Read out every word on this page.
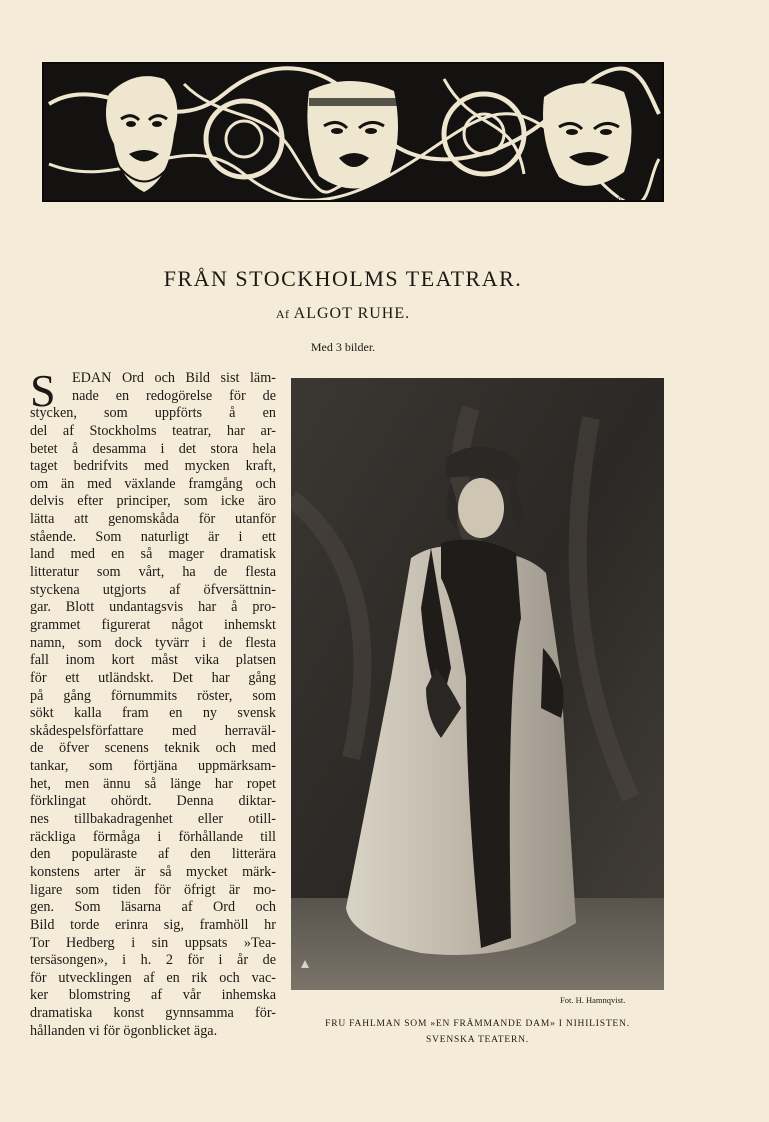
G M-05
FRÅN STOCKHOLMS TEATRAR.
Af ALGOT RUHE.
Med 3 bilder.
S	EDAN Ord och Bild sist läm-
nade en redogörelse för de
stycken, som uppförts å en
del af Stockholms teatrar, har ar-
betet å desamma i det stora hela
taget bedrifvits med mycken kraft,
om än med växlande framgång och
delvis efter principer, som icke äro
lätta att genomskåda för utanför
stående. Som naturligt är i ett
land med en så mager dramatisk
litteratur som vårt, ha de flesta
styckena utgjorts af öfversättnin-
gar. Blott undantagsvis har å pro-
grammet figurerat något inhemskt
namn, som dock tyvärr i de flesta
fall inom kort måst vika platsen
för ett utländskt. Det har gång
på gång förnummits röster, som
sökt kalla fram en ny svensk
skådespelsförfattare med herraväl-
de öfver scenens teknik och med
tankar, som förtjäna uppmärksam-
het, men ännu så länge har ropet
förklingat ohördt. Denna diktar-
nes tillbakadragenhet eller otill-
räckliga förmåga i förhållande till
den populäraste af den litterära
konstens arter är så mycket märk-
ligare som tiden för öfrigt är mo-
gen. Som läsarna af Ord och
Bild torde erinra sig, framhöll hr
Tor Hedberg i sin uppsats »Tea-
tersäsongen», i h. 2 för i år de
för utvecklingen af en rik och vac-
ker blomstring af vår inhemska
dramatiska konst gynnsamma för-
hållanden vi för ögonblicket äga.
Fot. H. Hamnqvist.
FRU FAHLMAN SOM »EN FRÄMMANDE DAM» I NIHILISTEN.
SVENSKA TEATERN.
